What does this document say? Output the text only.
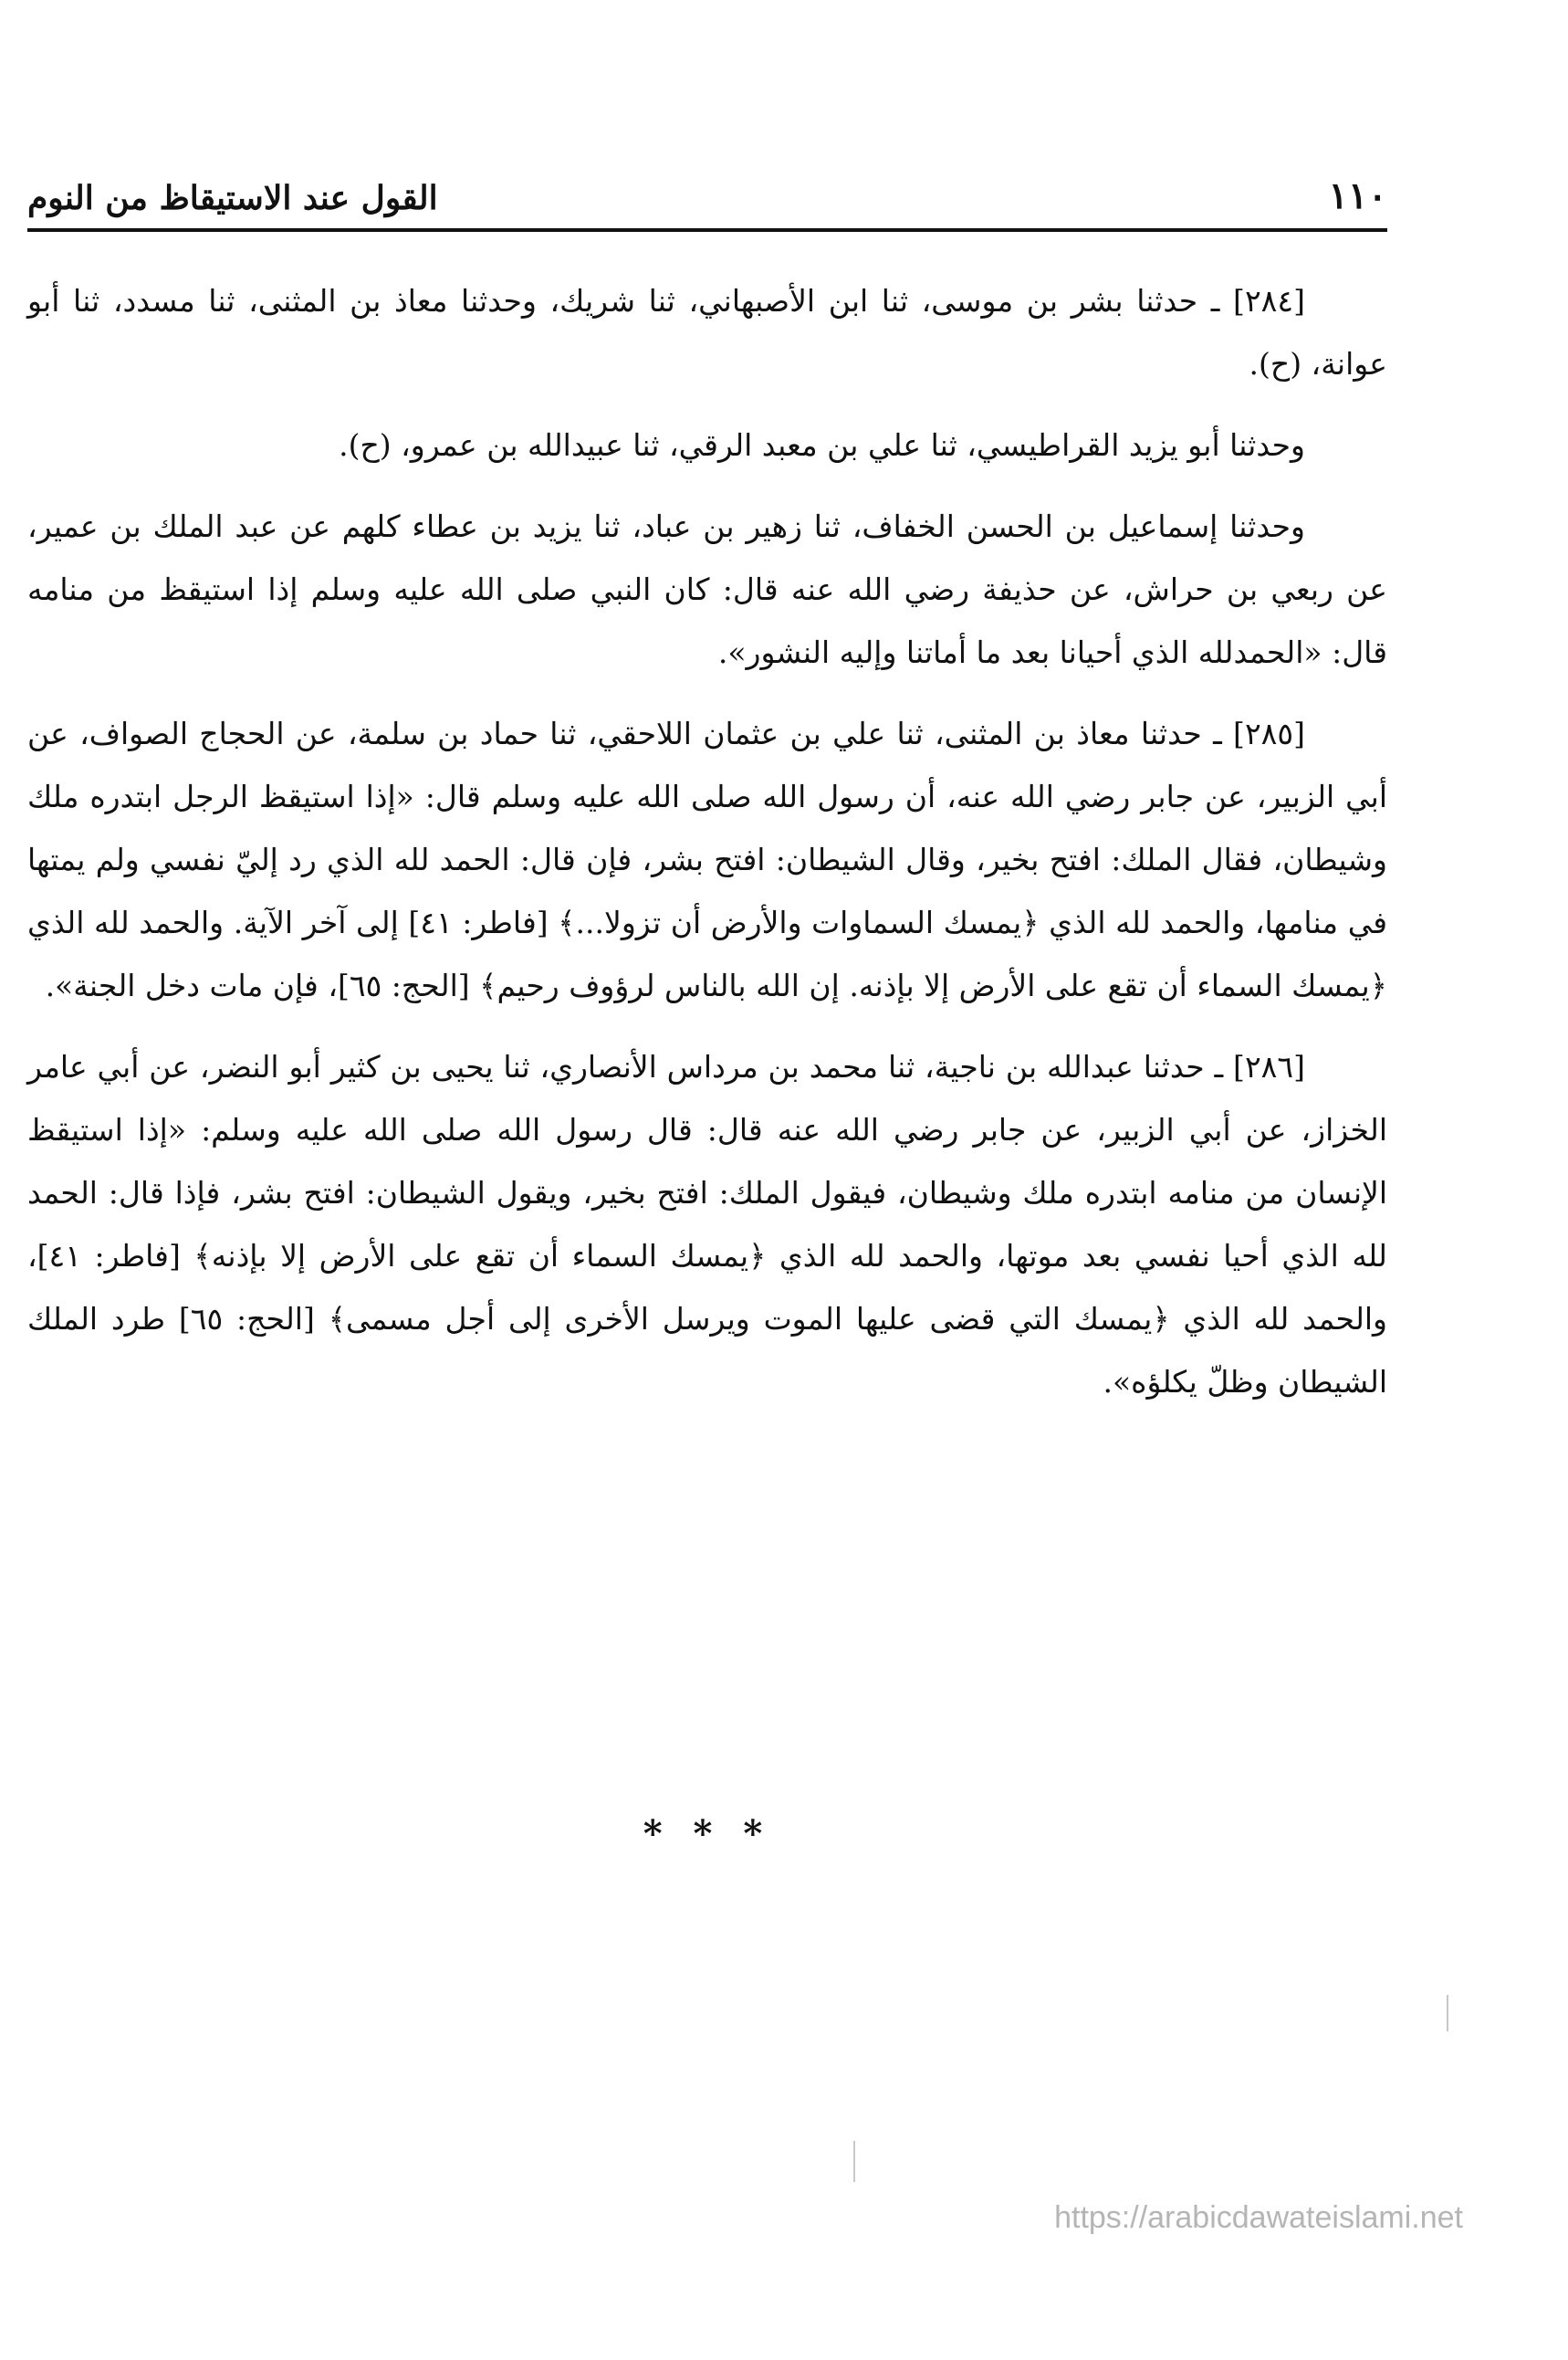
القول عند الاستيقاظ من النوم	١١٠

[٢٨٤] ـ حدثنا بشر بن موسى، ثنا ابن الأصبهاني، ثنا شريك، وحدثنا معاذ بن المثنى، ثنا مسدد، ثنا أبو عوانة، (ح).

وحدثنا أبو يزيد القراطيسي، ثنا علي بن معبد الرقي، ثنا عبيدالله بن عمرو، (ح).

وحدثنا إسماعيل بن الحسن الخفاف، ثنا زهير بن عباد، ثنا يزيد بن عطاء كلهم عن عبد الملك بن عمير، عن ربعي بن حراش، عن حذيفة رضي الله عنه قال: كان النبي صلى الله عليه وسلم إذا استيقظ من منامه قال: «الحمدلله الذي أحيانا بعد ما أماتنا وإليه النشور».

[٢٨٥] ـ حدثنا معاذ بن المثنى، ثنا علي بن عثمان اللاحقي، ثنا حماد بن سلمة، عن الحجاج الصواف، عن أبي الزبير، عن جابر رضي الله عنه، أن رسول الله صلى الله عليه وسلم قال: «إذا استيقظ الرجل ابتدره ملك وشيطان، فقال الملك: افتح بخير، وقال الشيطان: افتح بشر، فإن قال: الحمد لله الذي رد إليّ نفسي ولم يمتها في منامها، والحمد لله الذي ﴿يمسك السماوات والأرض أن تزولا...﴾ [فاطر: ٤١] إلى آخر الآية. والحمد لله الذي ﴿يمسك السماء أن تقع على الأرض إلا بإذنه. إن الله بالناس لرؤوف رحيم﴾ [الحج: ٦٥]، فإن مات دخل الجنة».

[٢٨٦] ـ حدثنا عبدالله بن ناجية، ثنا محمد بن مرداس الأنصاري، ثنا يحيى بن كثير أبو النضر، عن أبي عامر الخزاز، عن أبي الزبير، عن جابر رضي الله عنه قال: قال رسول الله صلى الله عليه وسلم: «إذا استيقظ الإنسان من منامه ابتدره ملك وشيطان، فيقول الملك: افتح بخير، ويقول الشيطان: افتح بشر، فإذا قال: الحمد لله الذي أحيا نفسي بعد موتها، والحمد لله الذي ﴿يمسك السماء أن تقع على الأرض إلا بإذنه﴾ [فاطر: ٤١]، والحمد لله الذي ﴿يمسك التي قضى عليها الموت ويرسل الأخرى إلى أجل مسمى﴾ [الحج: ٦٥] طرد الملك الشيطان وظلّ يكلؤه».

* * *
https://arabicdawateislami.net
